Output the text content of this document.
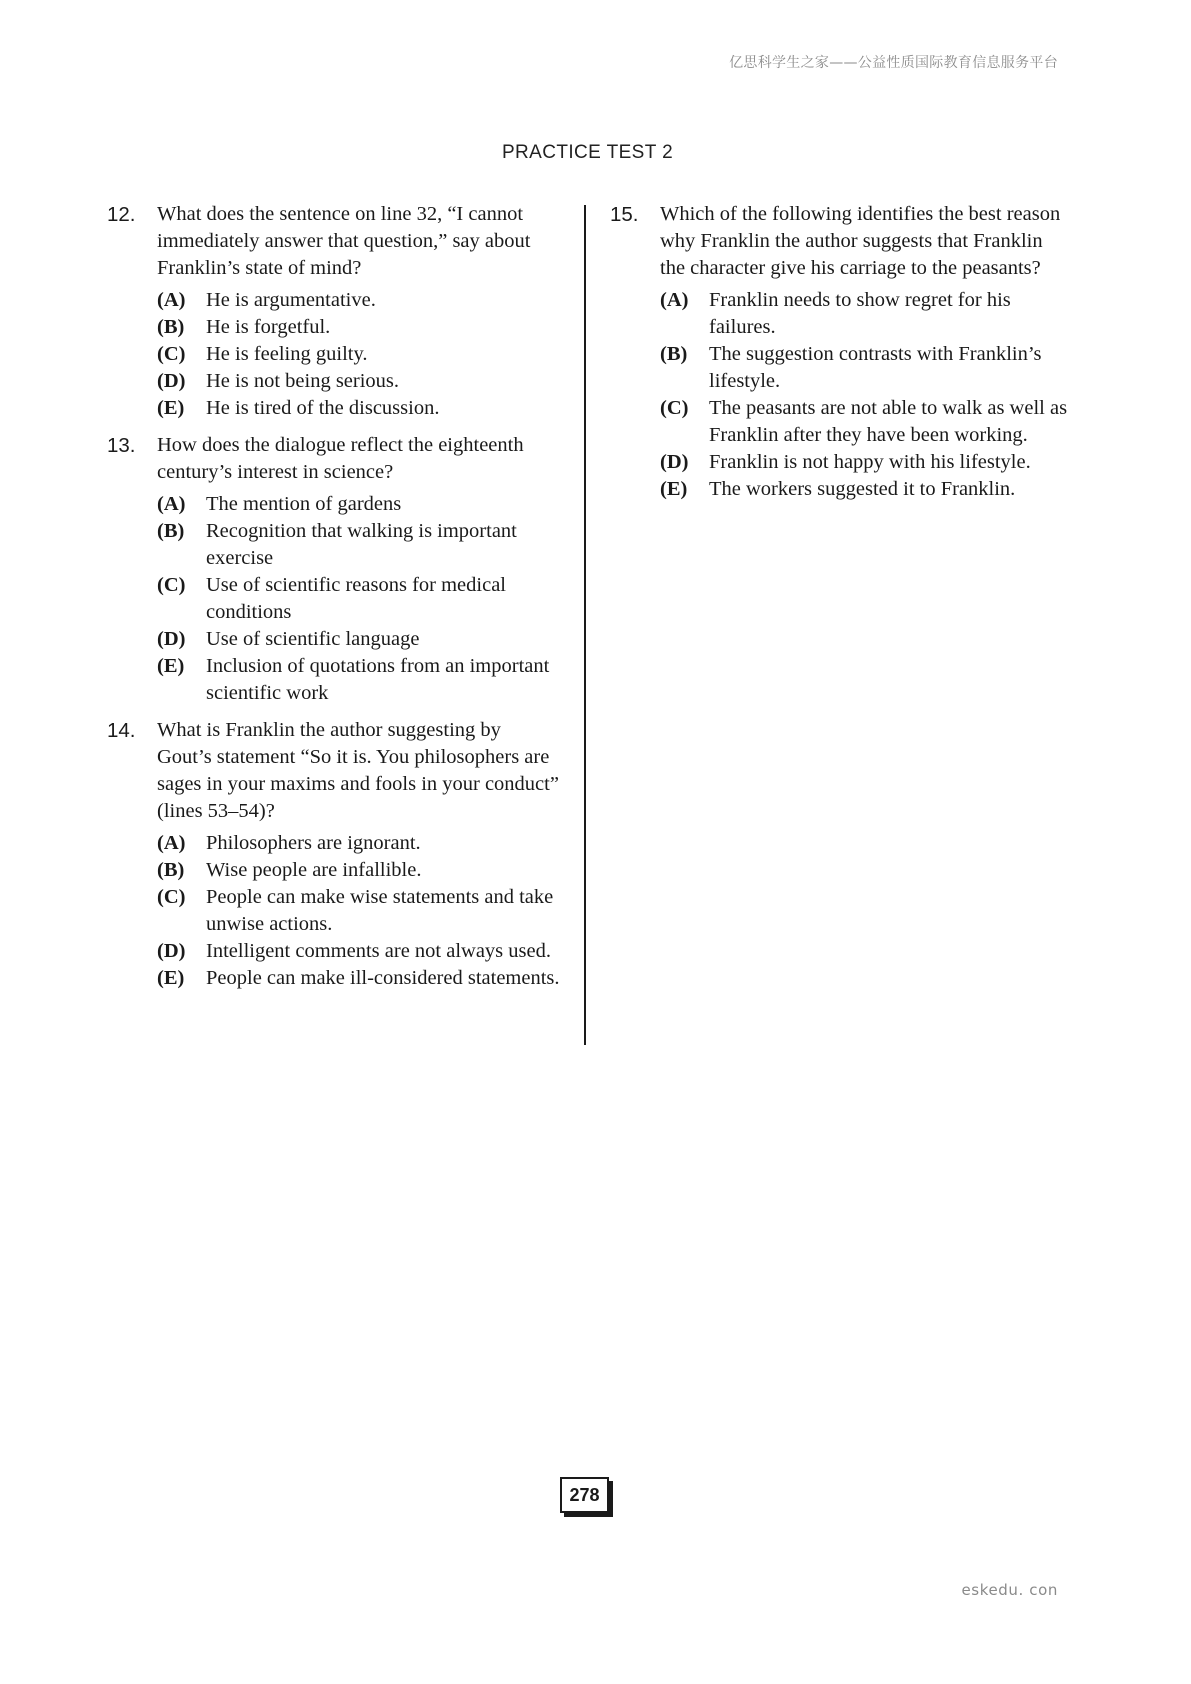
亿思科学生之家——公益性质国际教育信息服务平台
PRACTICE TEST 2
12. What does the sentence on line 32, “I cannot immediately answer that question,” say about Franklin’s state of mind?
(A)	He is argumentative.
(B)	He is forgetful.
(C)	He is feeling guilty.
(D)	He is not being serious.
(E)	He is tired of the discussion.
13. How does the dialogue reflect the eighteenth century’s interest in science?
(A)	The mention of gardens
(B)	Recognition that walking is important exercise
(C)	Use of scientific reasons for medical conditions
(D)	Use of scientific language
(E)	Inclusion of quotations from an important scientific work
14. What is Franklin the author suggesting by Gout’s statement “So it is. You philosophers are sages in your maxims and fools in your conduct” (lines 53–54)?
(A)	Philosophers are ignorant.
(B)	Wise people are infallible.
(C)	People can make wise statements and take unwise actions.
(D)	Intelligent comments are not always used.
(E)	People can make ill-considered statements.
15. Which of the following identifies the best reason why Franklin the author suggests that Franklin the character give his carriage to the peasants?
(A)	Franklin needs to show regret for his failures.
(B)	The suggestion contrasts with Franklin’s lifestyle.
(C)	The peasants are not able to walk as well as Franklin after they have been working.
(D)	Franklin is not happy with his lifestyle.
(E)	The workers suggested it to Franklin.
278
eskedu. con
